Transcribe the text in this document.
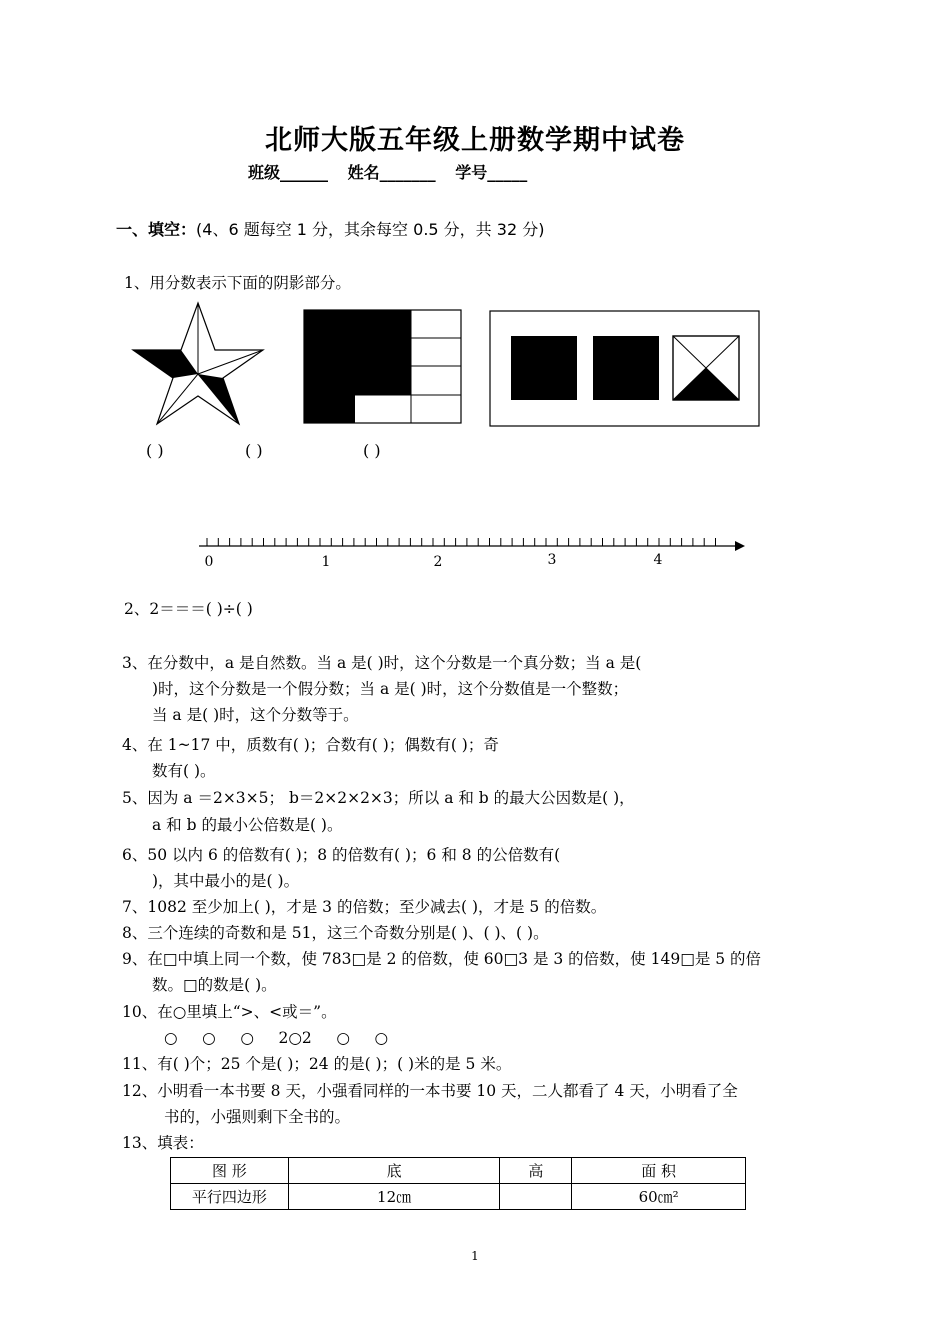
北师大版五年级上册数学期中试卷
班级______ 姓名_______ 学号_____
一、填空：(4、6 题每空 1 分，其余每空 0.5 分，共 32 分)
1、用分数表示下面的阴影部分。
( )	( )	( )
0	1	2	3	4
2、2＝＝＝( )÷( )
3、在分数中，a 是自然数。当 a 是( )时，这个分数是一个真分数；当 a 是(
)时，这个分数是一个假分数；当 a 是( )时，这个分数值是一个整数；
当 a 是( )时，这个分数等于。
4、在 1~17 中，质数有( )；合数有( )；偶数有( )；奇
数有( )。
5、因为 a ＝2×3×5； b＝2×2×2×3；所以 a 和 b 的最大公因数是( )，
a 和 b 的最小公倍数是( )。
6、50 以内 6 的倍数有( )；8 的倍数有( )；6 和 8 的公倍数有(
)，其中最小的是( )。
7、1082 至少加上( )，才是 3 的倍数；至少减去( )，才是 5 的倍数。
8、三个连续的奇数和是 51，这三个奇数分别是( )、( )、( )。
9、在□中填上同一个数，使 783□是 2 的倍数，使 60□3 是 3 的倍数，使 149□是 5 的倍
数。□的数是( )。
10、在○里填上“>、<或＝”。
○     ○     ○     2○2     ○     ○
11、有( )个；25 个是( )；24 的是( )；( )米的是 5 米。
12、小明看一本书要 8 天，小强看同样的一本书要 10 天，二人都看了 4 天，小明看了全
书的，小强则剩下全书的。
13、填表：
图 形	底	高	面 积
平行四边形	12㎝		60㎝²
1
